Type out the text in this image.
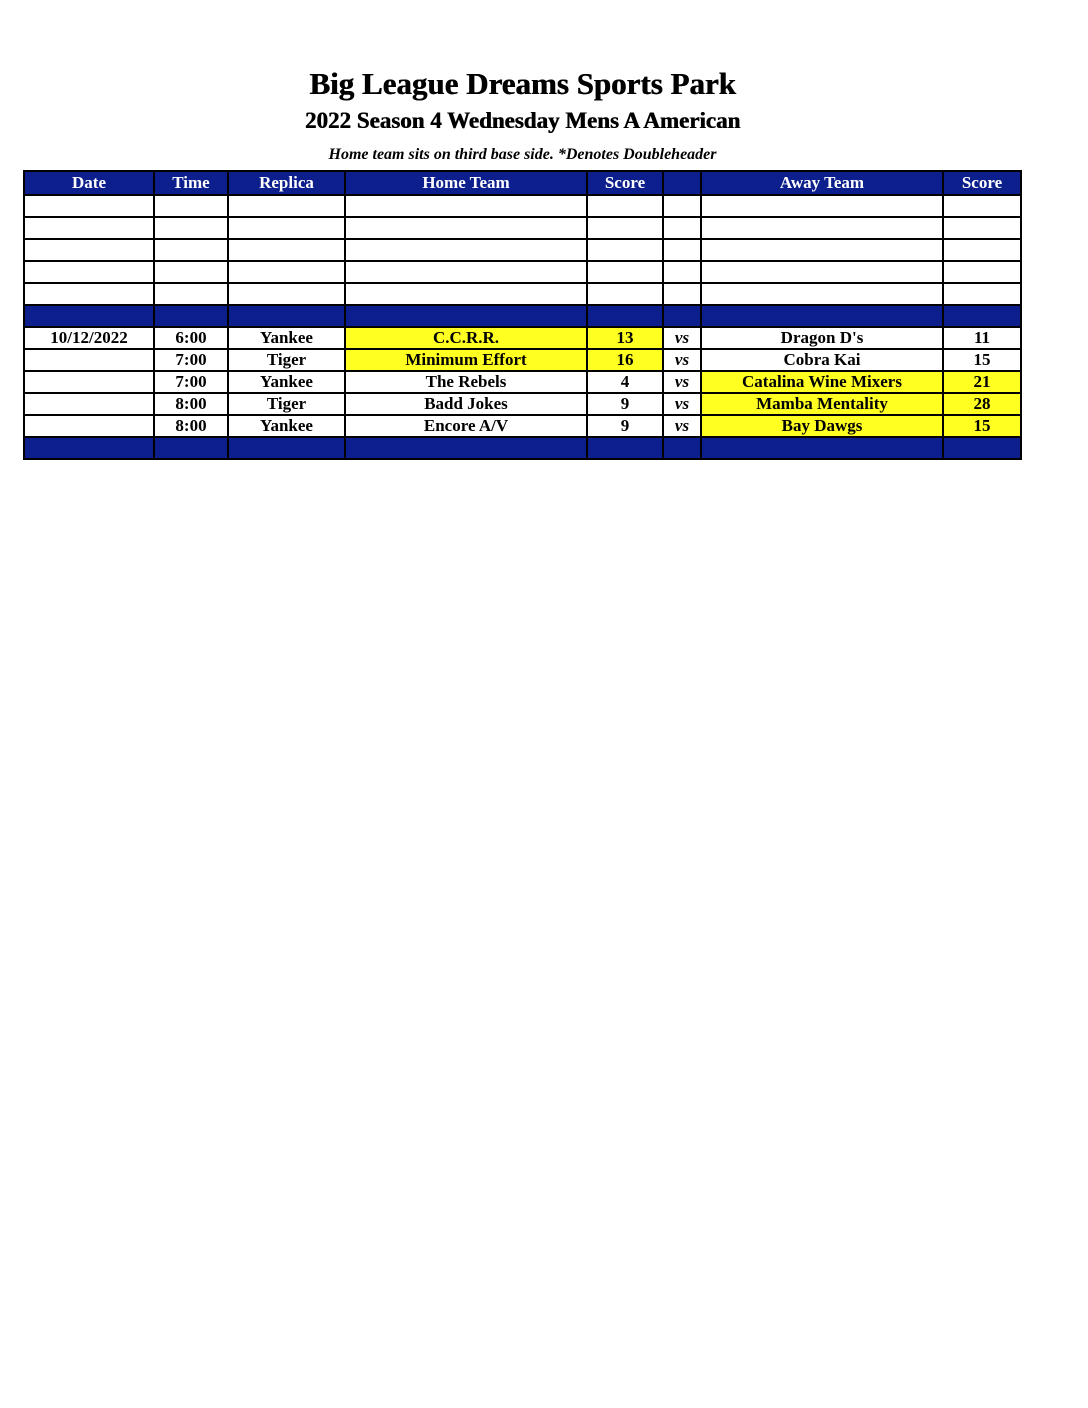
Big League Dreams Sports Park
2022 Season 4 Wednesday Mens A American
Home team sits on third base side. *Denotes Doubleheader
Date	Time	Replica	Home Team	Score		Away Team	Score

10/12/2022	6:00	Yankee	C.C.R.R.	13	vs	Dragon D's	11
	7:00	Tiger	Minimum Effort	16	vs	Cobra Kai	15
	7:00	Yankee	The Rebels	4	vs	Catalina Wine Mixers	21
	8:00	Tiger	Badd Jokes	9	vs	Mamba Mentality	28
	8:00	Yankee	Encore A/V	9	vs	Bay Dawgs	15
